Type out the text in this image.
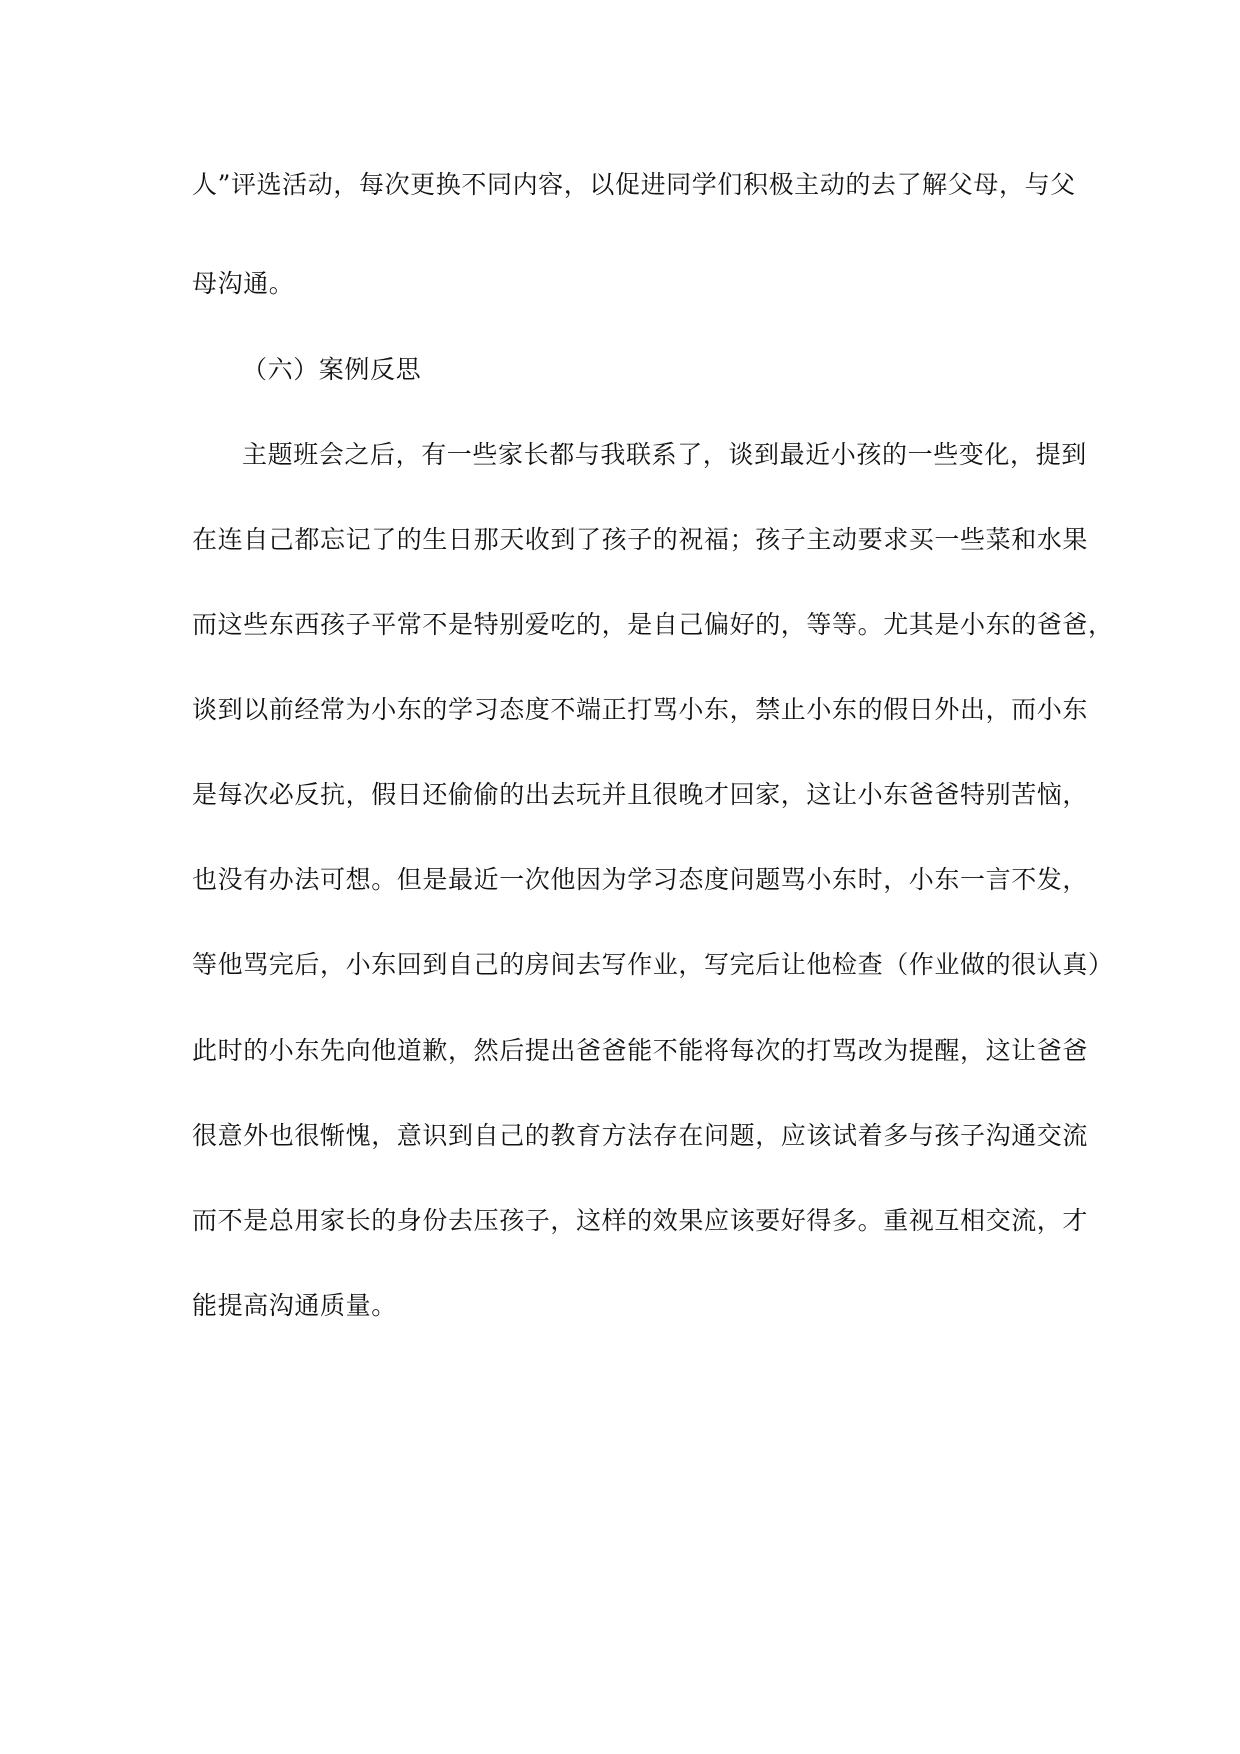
人”评选活动，每次更换不同内容，以促进同学们积极主动的去了解父母，与父
母沟通。
（六）案例反思
主题班会之后，有一些家长都与我联系了，谈到最近小孩的一些变化，提到
在连自己都忘记了的生日那天收到了孩子的祝福；孩子主动要求买一些菜和水果
而这些东西孩子平常不是特别爱吃的，是自己偏好的，等等。尤其是小东的爸爸，
谈到以前经常为小东的学习态度不端正打骂小东，禁止小东的假日外出，而小东
是每次必反抗，假日还偷偷的出去玩并且很晚才回家，这让小东爸爸特别苦恼，
也没有办法可想。但是最近一次他因为学习态度问题骂小东时，小东一言不发，
等他骂完后，小东回到自己的房间去写作业，写完后让他检查（作业做的很认真）
此时的小东先向他道歉，然后提出爸爸能不能将每次的打骂改为提醒，这让爸爸
很意外也很惭愧，意识到自己的教育方法存在问题，应该试着多与孩子沟通交流
而不是总用家长的身份去压孩子，这样的效果应该要好得多。重视互相交流，才
能提高沟通质量。
